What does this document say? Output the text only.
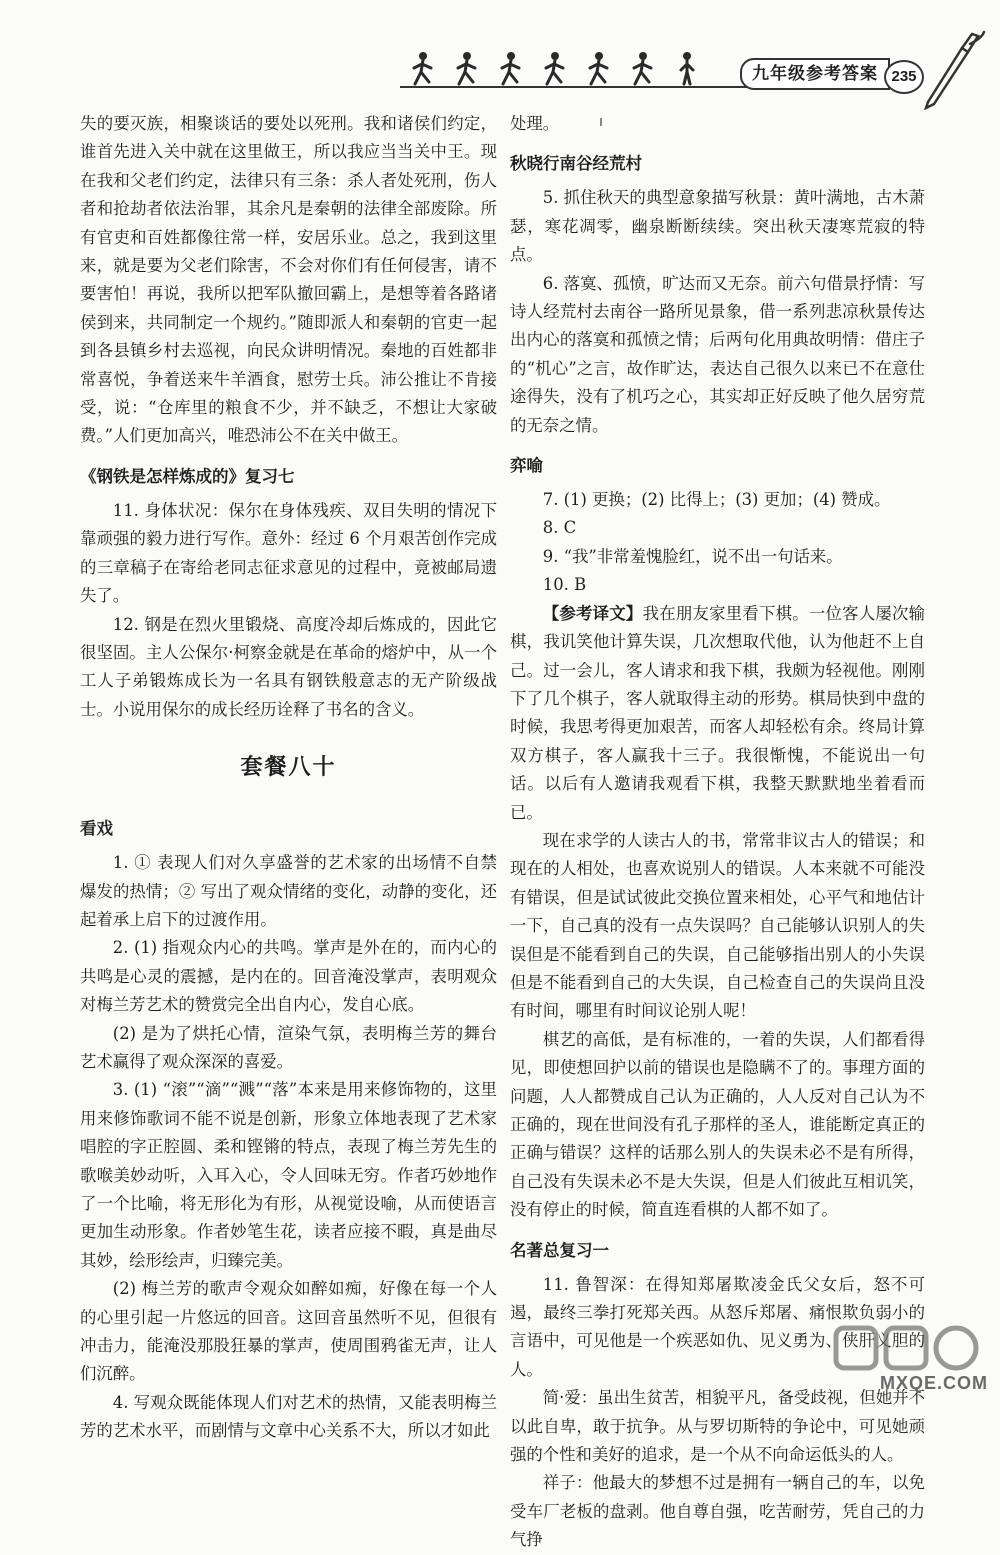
九年级参考答案 235

失的要灭族，相聚谈话的要处以死刑。我和诸侯们约定，谁首先进入关中就在这里做王，所以我应当当关中王。现在我和父老们约定，法律只有三条：杀人者处死刑，伤人者和抢劫者依法治罪，其余凡是秦朝的法律全部废除。所有官吏和百姓都像往常一样，安居乐业。总之，我到这里来，就是要为父老们除害，不会对你们有任何侵害，请不要害怕！再说，我所以把军队撤回霸上，是想等着各路诸侯到来，共同制定一个规约。”随即派人和秦朝的官吏一起到各县镇乡村去巡视，向民众讲明情况。秦地的百姓都非常喜悦，争着送来牛羊酒食，慰劳士兵。沛公推让不肯接受，说：“仓库里的粮食不少，并不缺乏，不想让大家破费。”人们更加高兴，唯恐沛公不在关中做王。

《钢铁是怎样炼成的》复习七

11. 身体状况：保尔在身体残疾、双目失明的情况下靠顽强的毅力进行写作。意外：经过 6 个月艰苦创作完成的三章稿子在寄给老同志征求意见的过程中，竟被邮局遗失了。

12. 钢是在烈火里锻烧、高度冷却后炼成的，因此它很坚固。主人公保尔·柯察金就是在革命的熔炉中，从一个工人子弟锻炼成长为一名具有钢铁般意志的无产阶级战士。小说用保尔的成长经历诠释了书名的含义。

套餐八十
看戏

1. ① 表现人们对久享盛誉的艺术家的出场情不自禁爆发的热情；② 写出了观众情绪的变化，动静的变化，还起着承上启下的过渡作用。

2. (1) 指观众内心的共鸣。掌声是外在的，而内心的共鸣是心灵的震撼，是内在的。回音淹没掌声，表明观众对梅兰芳艺术的赞赏完全出自内心，发自心底。

(2) 是为了烘托心情，渲染气氛，表明梅兰芳的舞台艺术赢得了观众深深的喜爱。

3. (1) “滚”“滴”“溅”“落”本来是用来修饰物的，这里用来修饰歌词不能不说是创新，形象立体地表现了艺术家唱腔的字正腔圆、柔和铿锵的特点，表现了梅兰芳先生的歌喉美妙动听，入耳入心，令人回味无穷。作者巧妙地作了一个比喻，将无形化为有形，从视觉设喻，从而使语言更加生动形象。作者妙笔生花，读者应接不暇，真是曲尽其妙，绘形绘声，归臻完美。

(2) 梅兰芳的歌声令观众如醉如痴，好像在每一个人的心里引起一片悠远的回音。这回音虽然听不见，但很有冲击力，能淹没那股狂暴的掌声，使周围鸦雀无声，让人们沉醉。

4. 写观众既能体现人们对艺术的热情，又能表明梅兰芳的艺术水平，而剧情与文章中心关系不大，所以才如此

处理。

秋晓行南谷经荒村

5. 抓住秋天的典型意象描写秋景：黄叶满地，古木萧瑟，寒花凋零，幽泉断断续续。突出秋天凄寒荒寂的特点。

6. 落寞、孤愤，旷达而又无奈。前六句借景抒情：写诗人经荒村去南谷一路所见景象，借一系列悲凉秋景传达出内心的落寞和孤愤之情；后两句化用典故明情：借庄子的“机心”之言，故作旷达，表达自己很久以来已不在意仕途得失，没有了机巧之心，其实却正好反映了他久居穷荒的无奈之情。

弈喻

7. (1) 更换；(2) 比得上；(3) 更加；(4) 赞成。

8. C

9. “我”非常羞愧脸红，说不出一句话来。

10. B

【参考译文】我在朋友家里看下棋。一位客人屡次输棋，我讥笑他计算失误，几次想取代他，认为他赶不上自己。过一会儿，客人请求和我下棋，我颇为轻视他。刚刚下了几个棋子，客人就取得主动的形势。棋局快到中盘的时候，我思考得更加艰苦，而客人却轻松有余。终局计算双方棋子，客人赢我十三子。我很惭愧，不能说出一句话。以后有人邀请我观看下棋，我整天默默地坐着看而已。

现在求学的人读古人的书，常常非议古人的错误；和现在的人相处，也喜欢说别人的错误。人本来就不可能没有错误，但是试试彼此交换位置来相处，心平气和地估计一下，自己真的没有一点失误吗？自己能够认识别人的失误但是不能看到自己的失误，自己能够指出别人的小失误但是不能看到自己的大失误，自己检查自己的失误尚且没有时间，哪里有时间议论别人呢！

棋艺的高低，是有标准的，一着的失误，人们都看得见，即使想回护以前的错误也是隐瞒不了的。事理方面的问题，人人都赞成自己认为正确的，人人反对自己认为不正确的，现在世间没有孔子那样的圣人，谁能断定真正的正确与错误？这样的话那么别人的失误未必不是有所得，自己没有失误未必不是大失误，但是人们彼此互相讥笑，没有停止的时候，简直连看棋的人都不如了。

名著总复习一

11. 鲁智深：在得知郑屠欺凌金氏父女后，怒不可遏，最终三拳打死郑关西。从怒斥郑屠、痛恨欺负弱小的言语中，可见他是一个疾恶如仇、见义勇为、侠肝义胆的人。

简·爱：虽出生贫苦，相貌平凡，备受歧视，但她并不以此自卑，敢于抗争。从与罗切斯特的争论中，可见她顽强的个性和美好的追求，是一个从不向命运低头的人。

祥子：他最大的梦想不过是拥有一辆自己的车，以免受车厂老板的盘剥。他自尊自强，吃苦耐劳，凭自己的力气挣

MXQE.COM
